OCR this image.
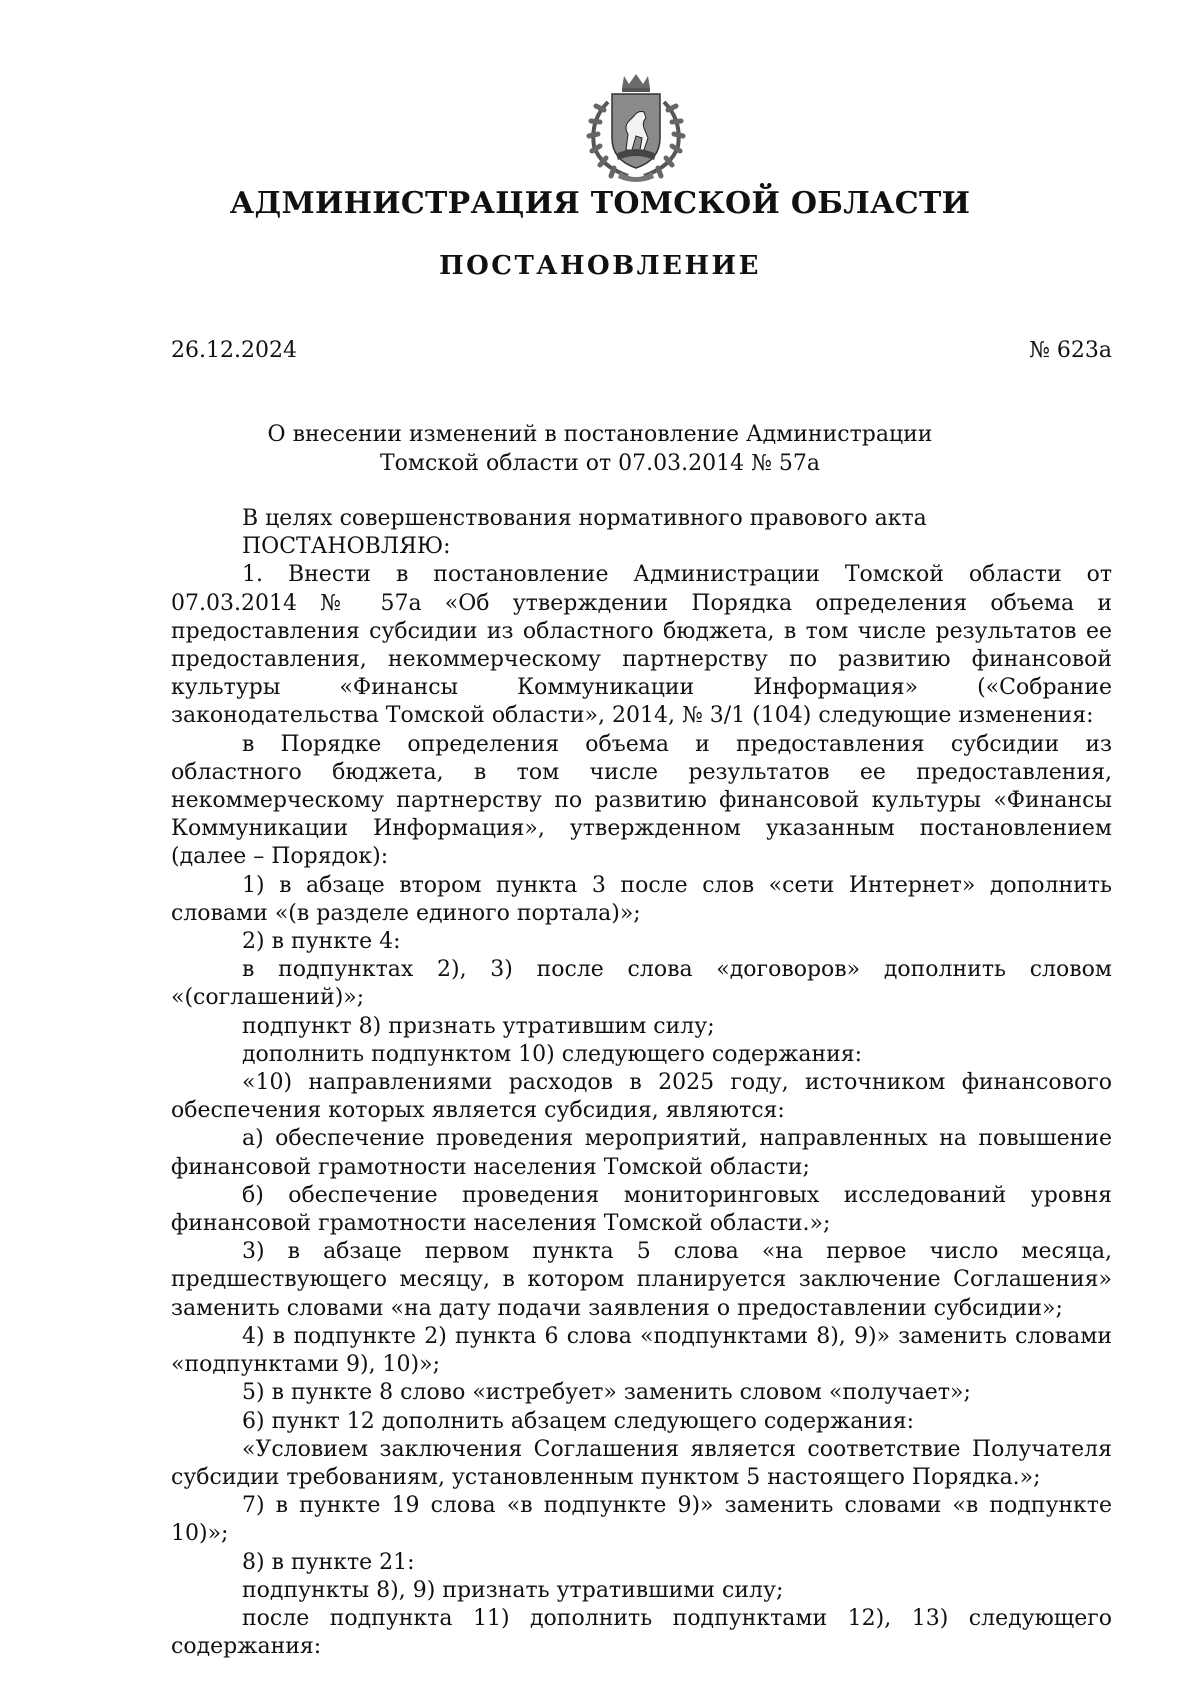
АДМИНИСТРАЦИЯ ТОМСКОЙ ОБЛАСТИ
ПОСТАНОВЛЕНИЕ
26.12.2024	№ 623а
О внесении изменений в постановление Администрации
Томской области от 07.03.2014 № 57а

В целях совершенствования нормативного правового акта

ПОСТАНОВЛЯЮ:

1. Внести в постановление Администрации Томской области от 07.03.2014 № 57а «Об утверждении Порядка определения объема и предоставления субсидии из областного бюджета, в том числе результатов ее предоставления, некоммерческому партнерству по развитию финансовой культуры «Финансы Коммуникации Информация» («Собрание законодательства Томской области», 2014, № 3/1 (104) следующие изменения:

в Порядке определения объема и предоставления субсидии из областного бюджета, в том числе результатов ее предоставления, некоммерческому партнерству по развитию финансовой культуры «Финансы Коммуникации Информация», утвержденном указанным постановлением (далее – Порядок):

1) в абзаце втором пункта 3 после слов «сети Интернет» дополнить словами «(в разделе единого портала)»;

2) в пункте 4:

в подпунктах 2), 3) после слова «договоров» дополнить словом «(соглашений)»;

подпункт 8) признать утратившим силу;

дополнить подпунктом 10) следующего содержания:

«10) направлениями расходов в 2025 году, источником финансового обеспечения которых является субсидия, являются:

а) обеспечение проведения мероприятий, направленных на повышение финансовой грамотности населения Томской области;

б) обеспечение проведения мониторинговых исследований уровня финансовой грамотности населения Томской области.»;

3) в абзаце первом пункта 5 слова «на первое число месяца, предшествующего месяцу, в котором планируется заключение Соглашения» заменить словами «на дату подачи заявления о предоставлении субсидии»;

4) в подпункте 2) пункта 6 слова «подпунктами 8), 9)» заменить словами «подпунктами 9), 10)»;

5) в пункте 8 слово «истребует» заменить словом «получает»;

6) пункт 12 дополнить абзацем следующего содержания:

«Условием заключения Соглашения является соответствие Получателя субсидии требованиям, установленным пунктом 5 настоящего Порядка.»;

7) в пункте 19 слова «в подпункте 9)» заменить словами «в подпункте 10)»;

8) в пункте 21:

подпункты 8), 9) признать утратившими силу;

после подпункта 11) дополнить подпунктами 12), 13) следующего содержания:
